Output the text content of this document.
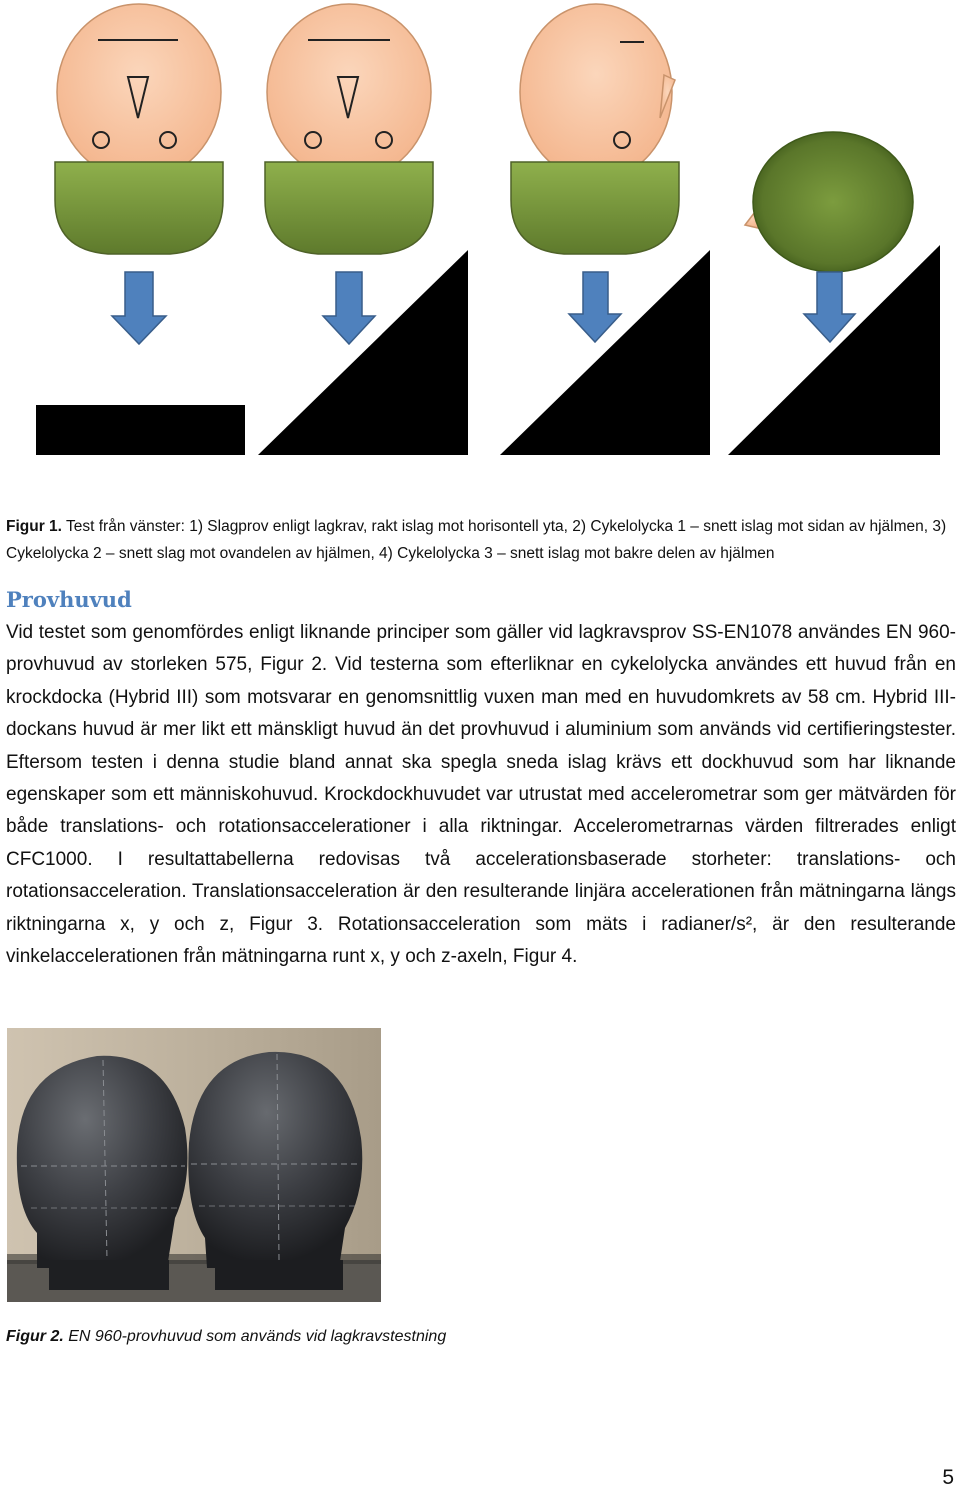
Figur 1. Test från vänster: 1) Slagprov enligt lagkrav, rakt islag mot horisontell yta, 2) Cykelolycka 1 – snett islag mot sidan av hjälmen, 3) Cykelolycka 2 – snett slag mot ovandelen av hjälmen, 4) Cykelolycka 3 – snett islag mot bakre delen av hjälmen
Provhuvud

Vid testet som genomfördes enligt liknande principer som gäller vid lagkravsprov SS-EN1078 användes EN 960-provhuvud av storleken 575, Figur 2. Vid testerna som efterliknar en cykelolycka användes ett huvud från en krockdocka (Hybrid III) som motsvarar en genomsnittlig vuxen man med en huvudomkrets av 58 cm. Hybrid III-dockans huvud är mer likt ett mänskligt huvud än det provhuvud i aluminium som används vid certifieringstester. Eftersom testen i denna studie bland annat ska spegla sneda islag krävs ett dockhuvud som har liknande egenskaper som ett människohuvud. Krockdockhuvudet var utrustat med accelerometrar som ger mätvärden för både translations- och rotationsaccelerationer i alla riktningar. Accelerometrarnas värden filtrerades enligt CFC1000. I resultattabellerna redovisas två accelerationsbaserade storheter: translations- och rotationsacceleration. Translationsacceleration är den resulterande linjära accelerationen från mätningarna längs riktningarna x, y och z, Figur 3. Rotationsacceleration som mäts i radianer/s², är den resulterande vinkelaccelerationen från mätningarna runt x, y och z-axeln, Figur 4.

Figur 2. EN 960-provhuvud som används vid lagkravstestning
5
